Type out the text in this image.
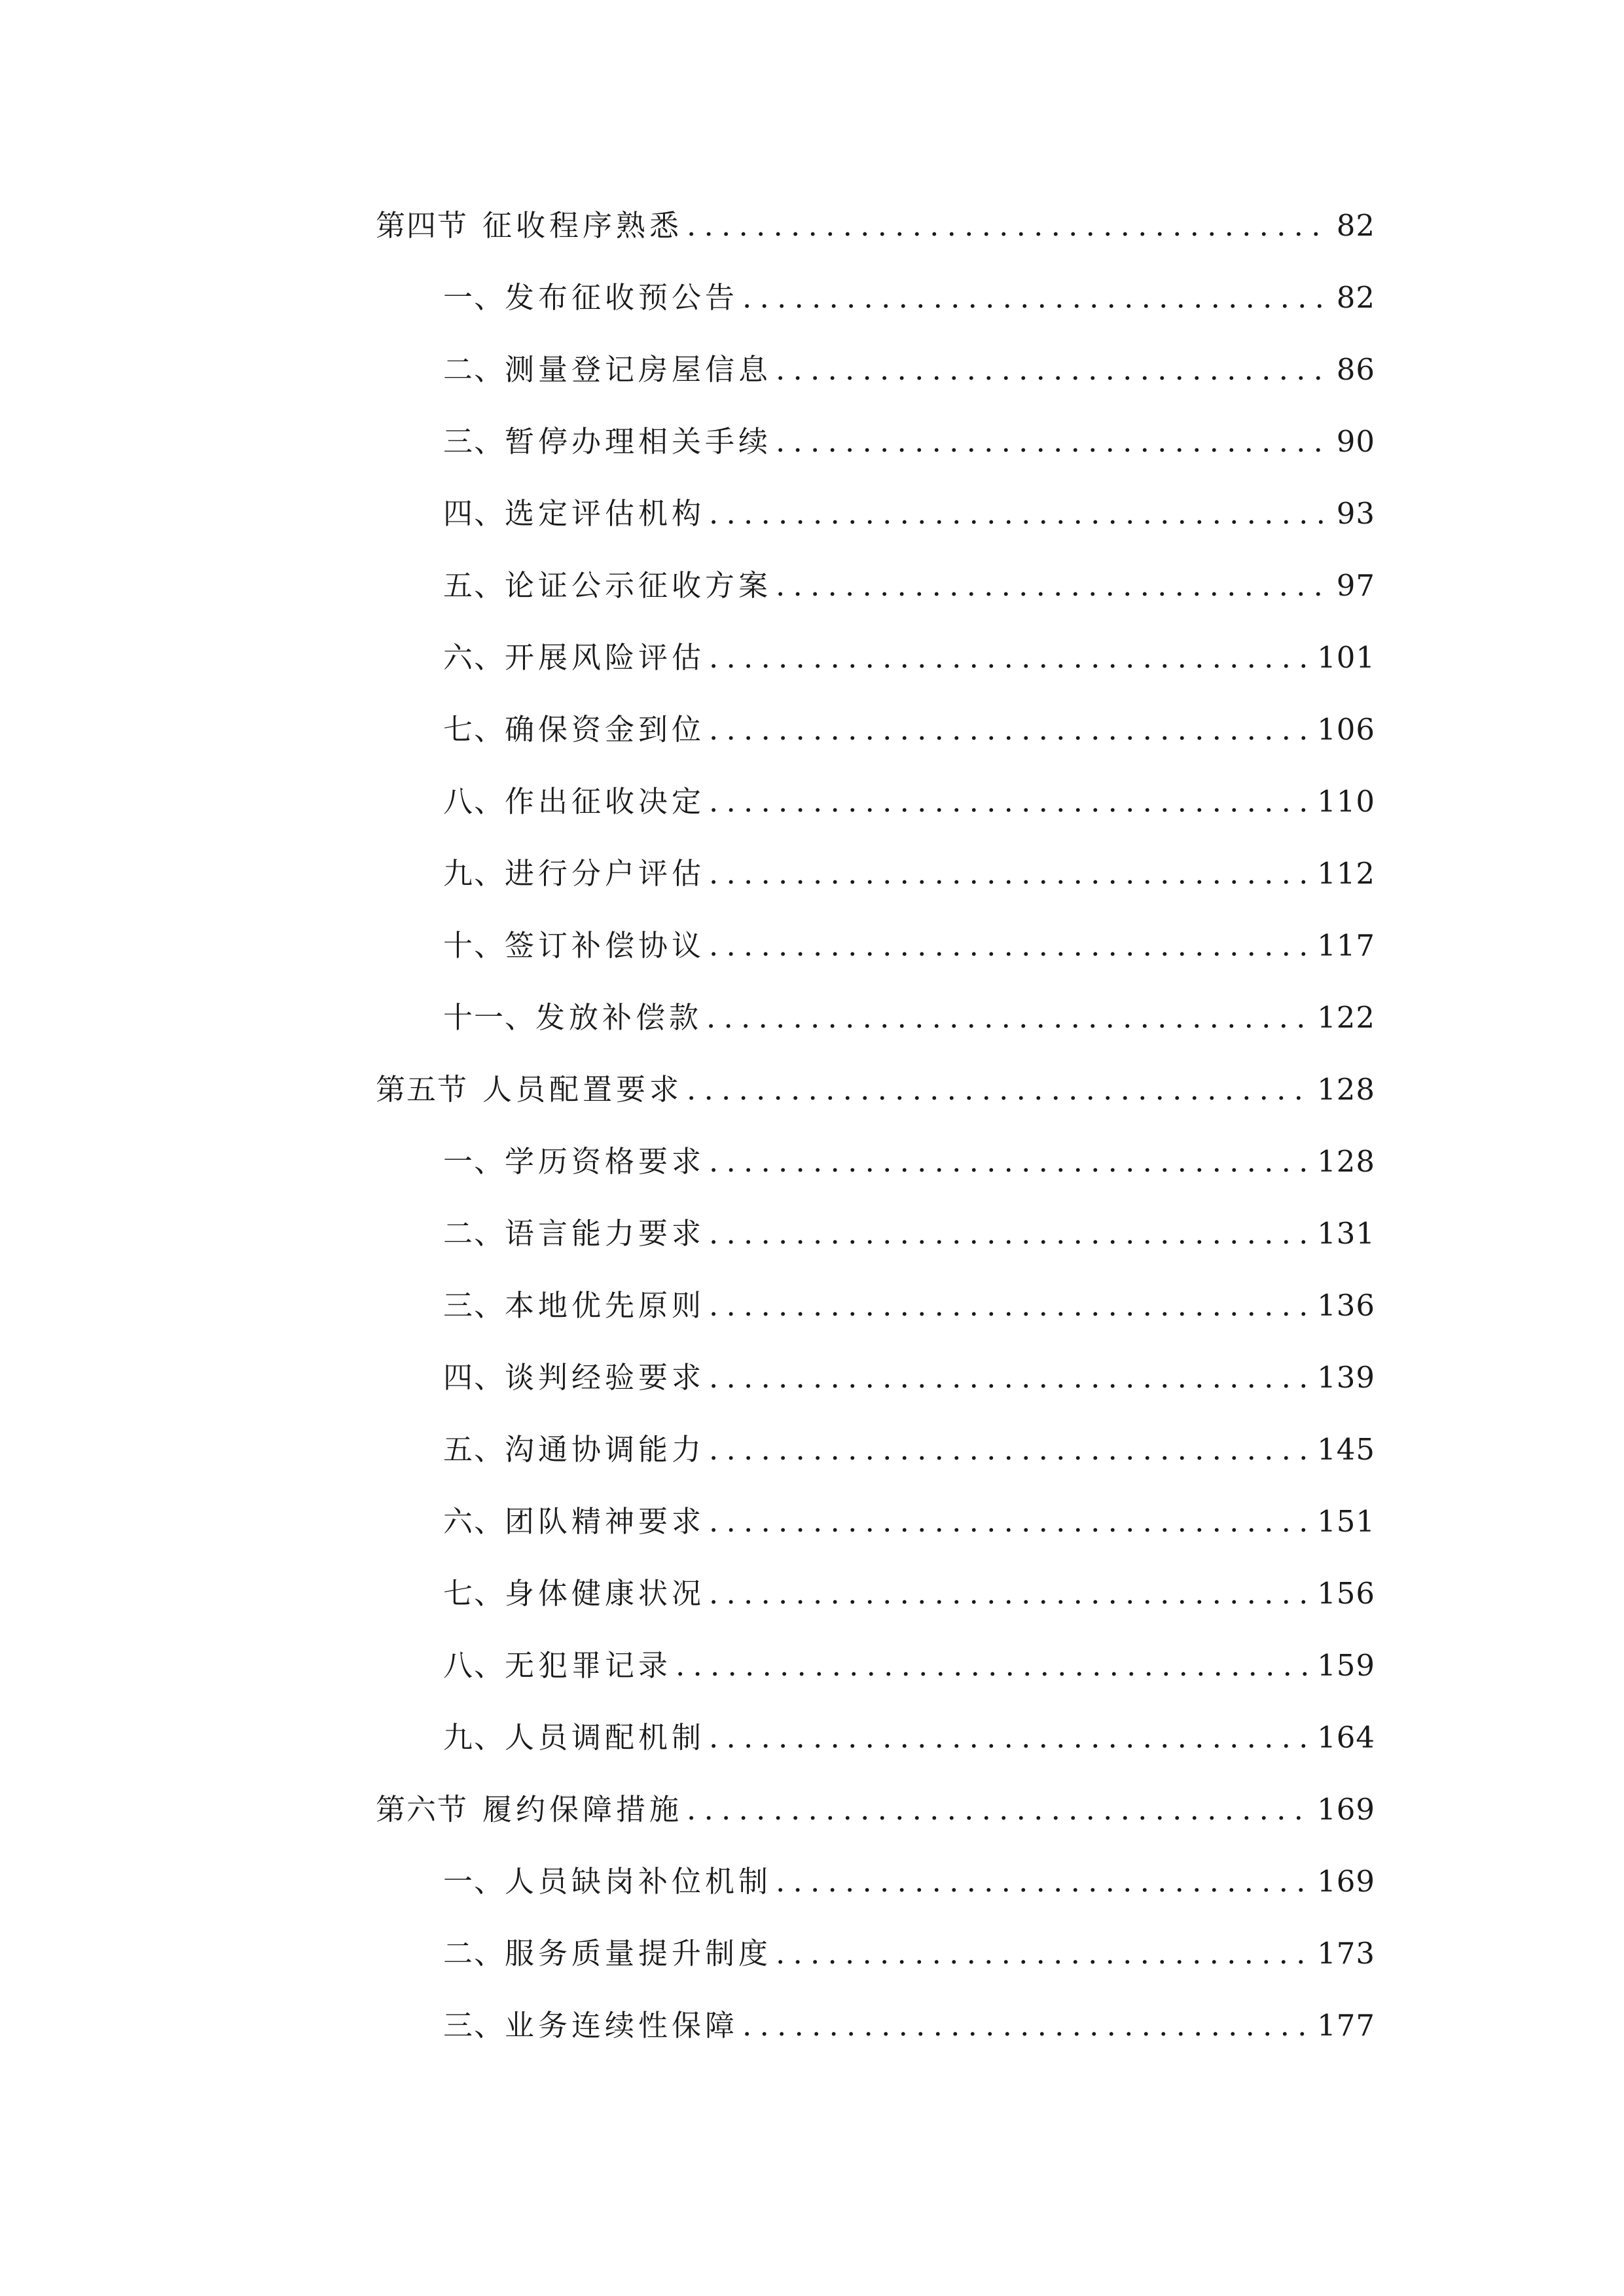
第四节 征收程序熟悉 .....	82
一、 发布征收预公告 .....	82
二、 测量登记房屋信息 .....	86
三、 暂停办理相关手续 .....	90
四、 选定评估机构 .....	93
五、 论证公示征收方案 .....	97
六、 开展风险评估 .....	101
七、 确保资金到位 .....	106
八、 作出征收决定 .....	110
九、 进行分户评估 .....	112
十、 签订补偿协议 .....	117
十一、 发放补偿款 .....	122
第五节 人员配置要求 .....	128
一、 学历资格要求 .....	128
二、 语言能力要求 .....	131
三、 本地优先原则 .....	136
四、 谈判经验要求 .....	139
五、 沟通协调能力 .....	145
六、 团队精神要求 .....	151
七、 身体健康状况 .....	156
八、 无犯罪记录 .....	159
九、 人员调配机制 .....	164
第六节 履约保障措施 .....	169
一、 人员缺岗补位机制 .....	169
二、 服务质量提升制度 .....	173
三、 业务连续性保障 .....	177
